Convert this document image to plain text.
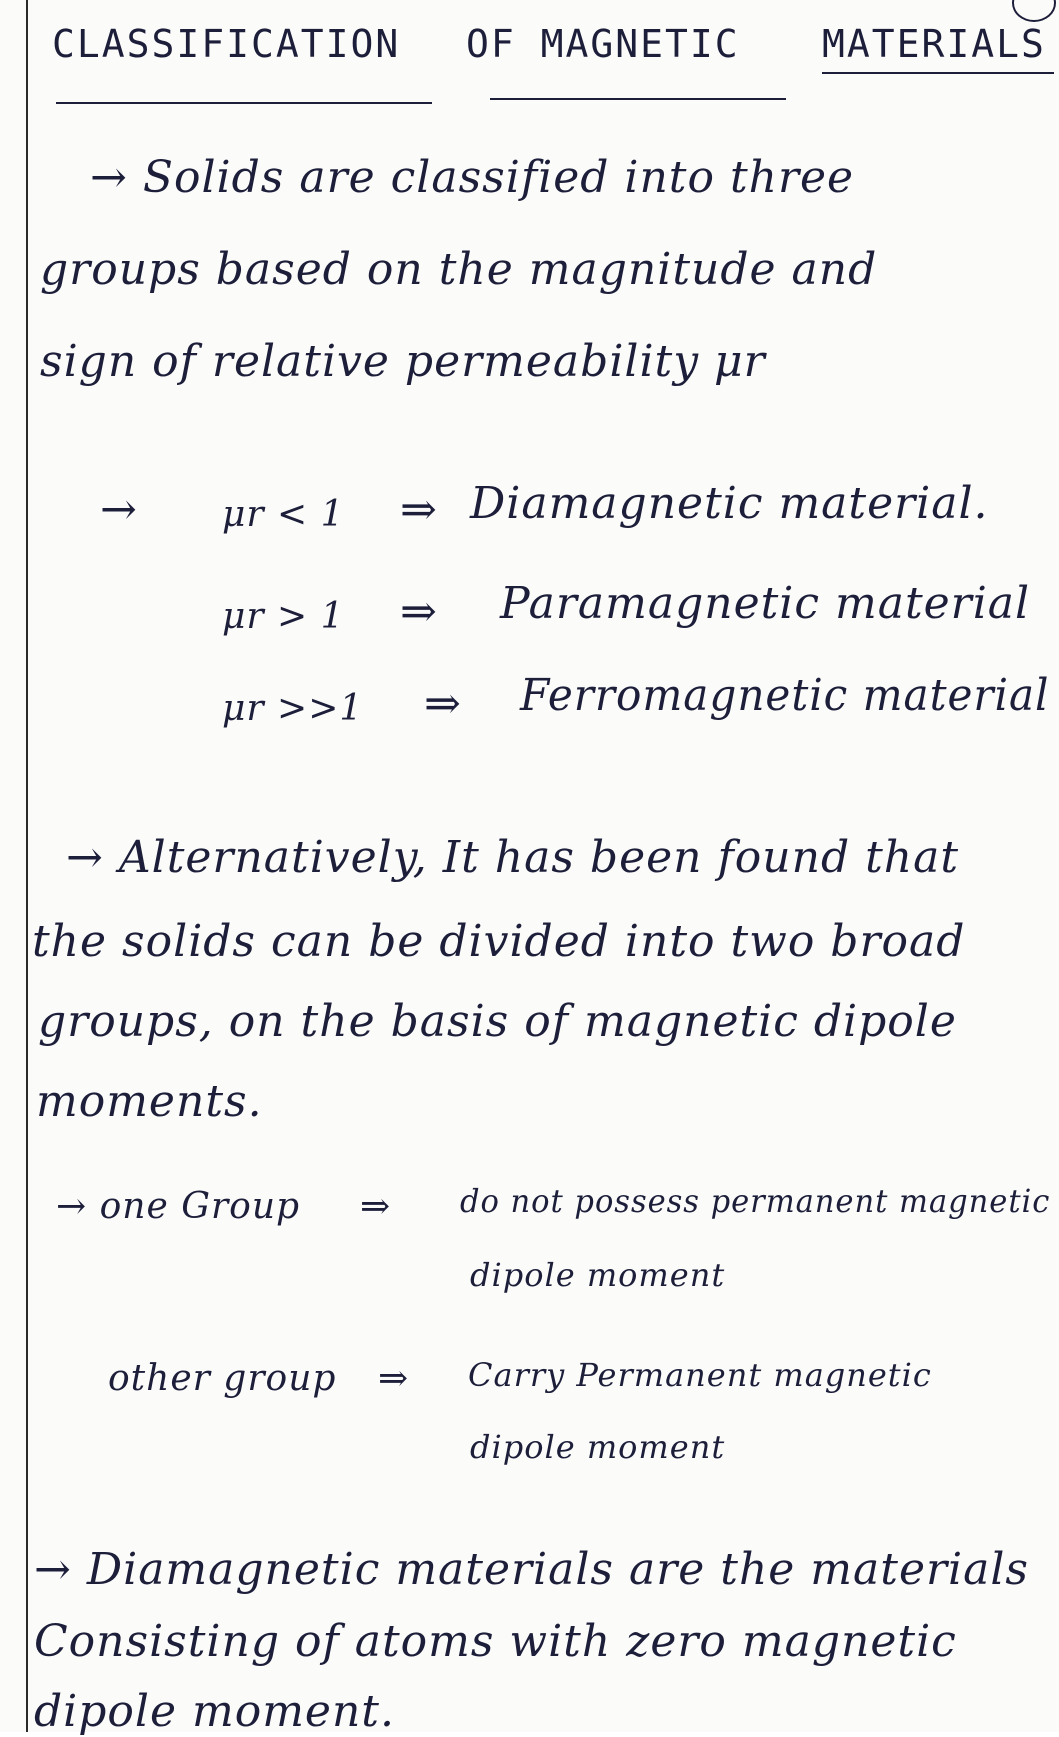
CLASSIFICATION OF MAGNETIC MATERIALS
→ Solids are classified into three
groups based on the magnitude and
sign of relative permeability μr
→ μr < 1 ⇒ Diamagnetic material.
μr > 1 ⇒ Paramagnetic material
μr >>1 ⇒ Ferromagnetic material
→ Alternatively, It has been found that
the solids can be divided into two broad
groups, on the basis of magnetic dipole
moments.
→ one Group ⇒ do not possess permanent magnetic
dipole moment
other group ⇒ Carry Permanent magnetic
dipole moment
→ Diamagnetic materials are the materials
Consisting of atoms with zero magnetic
dipole moment.
